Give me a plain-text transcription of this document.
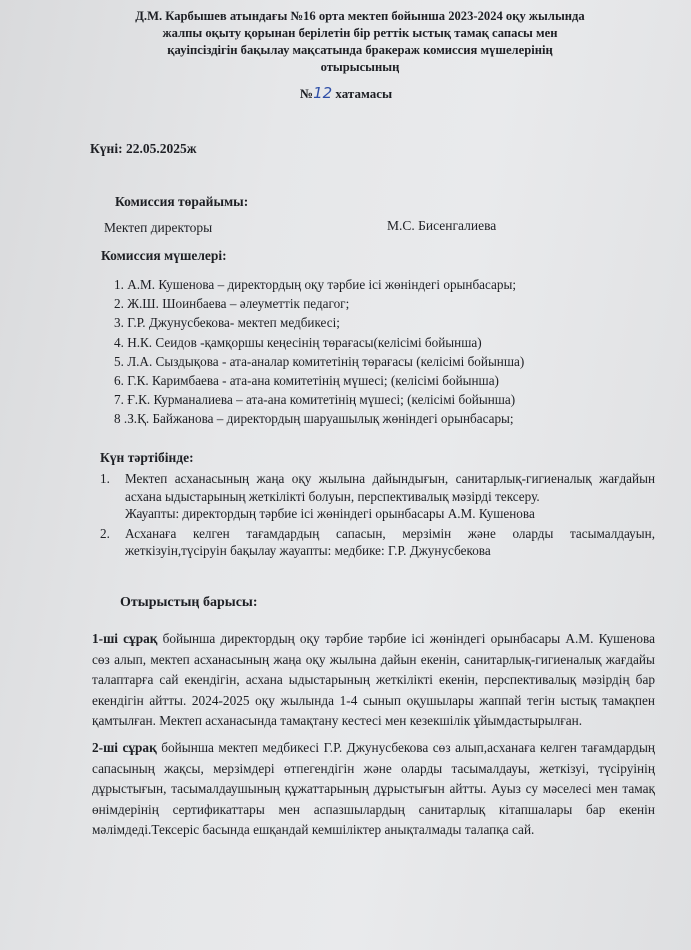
Д.М. Карбышев атындағы №16 орта мектеп бойынша 2023-2024 оқу жылында
жалпы оқыту қорынан берілетін бір реттік ыстық тамақ сапасы мен
қауіпсіздігін бақылау мақсатында бракераж комиссия мүшелерінің
отырысының
№12 хатамасы
Күні: 22.05.2025ж
Комиссия төрайымы:
Мектеп директоры	М.С. Бисенгалиева
Комиссия мүшелері:
1. А.М. Кушенова – директордың оқу тәрбие ісі жөніндегі орынбасары;
2. Ж.Ш. Шоинбаева – әлеуметтік педагог;
3. Г.Р. Джунусбекова- мектеп медбикесі;
4. Н.К. Сеидов -қамқоршы кеңесінің төрағасы(келісімі бойынша)
5. Л.А. Сыздықова - ата-аналар комитетінің төрағасы (келісімі бойынша)
6. Г.К. Каримбаева - ата-ана комитетінің мүшесі; (келісімі бойынша)
7. Ғ.К. Курманалиева – ата-ана комитетінің мүшесі; (келісімі бойынша)
8 .З.Қ. Байжанова – директордың шаруашылық жөніндегі орынбасары;
Күн тәртібінде:
1. Мектеп асханасының жаңа оқу жылына дайындығын, санитарлық-гигиеналық жағдайын асхана ыдыстарының жеткілікті болуын, перспективалық мәзірді тексеру.
Жауапты: директордың тәрбие ісі жөніндегі орынбасары А.М. Кушенова
2. Асханаға келген тағамдардың сапасын, мерзімін және оларды тасымалдауын, жеткізуін,түсіруін бақылау жауапты: медбике: Г.Р. Джунусбекова
Отырыстың барысы:
1-ші сұрақ бойынша директордың оқу тәрбие тәрбие ісі жөніндегі орынбасары А.М. Кушенова сөз алып, мектеп асханасының жаңа оқу жылына дайын екенін, санитарлық-гигиеналық жағдайы талаптарға сай екендігін, асхана ыдыстарының жеткілікті екенін, перспективалық мәзірдің бар екендігін айтты. 2024-2025 оқу жылында 1-4 сынып оқушылары жаппай тегін ыстық тамақпен қамтылған. Мектеп асханасында тамақтану кестесі мен кезекшілік ұйымдастырылған.
2-ші сұрақ бойынша мектеп медбикесі Г.Р. Джунусбекова сөз алып,асханаға келген тағамдардың сапасының жақсы, мерзімдері өтпегендігін және оларды тасымалдауы, жеткізуі, түсіруінің дұрыстығын, тасымалдаушының құжаттарының дұрыстығын айтты. Ауыз су мәселесі мен тамақ өнімдерінің сертификаттары мен аспазшылардың санитарлық кітапшалары бар екенін мәлімдеді.Тексеріс басында ешқандай кемшіліктер анықталмады талапқа сай.
